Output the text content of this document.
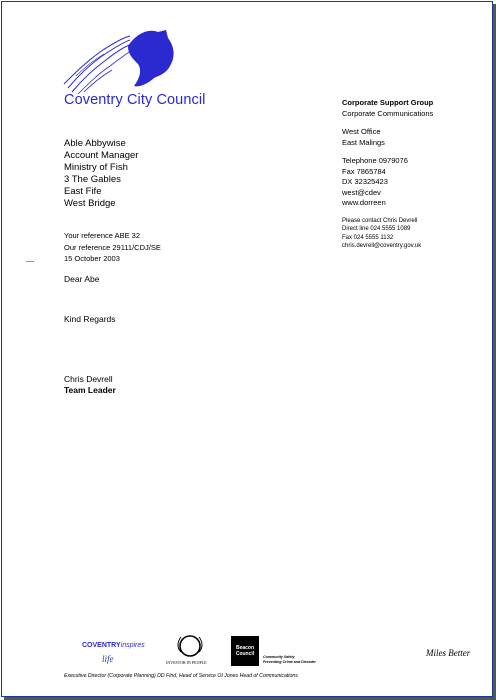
Coventry City Council
Able Abbywise
Account Manager
Ministry of Fish
3 The Gables
East Fife
West Bridge
Your reference ABE 32
Our reference 29111/CDJ/SE
15 October 2003
Dear Abe
Kind Regards
Chris Devrell
Team Leader
Corporate Support Group
Corporate Communications
West Office
East Malings
Telephone 0979076
Fax 7865784
DX 32325423
west@cdev
www.dorreen
Please contact Chris Devrell
Direct line 024 5555 1089
Fax 024 5555 1132
chris.devrell@coventry.gov.uk
COVENTRYinspires
life	INVESTOR IN PEOPLE
Beacon Council	Community Safety
Preventing Crime and Disorder
Miles Better
Executive Director (Corporate Planning) DD Find, Head of Service OI Jones Head of Communications
